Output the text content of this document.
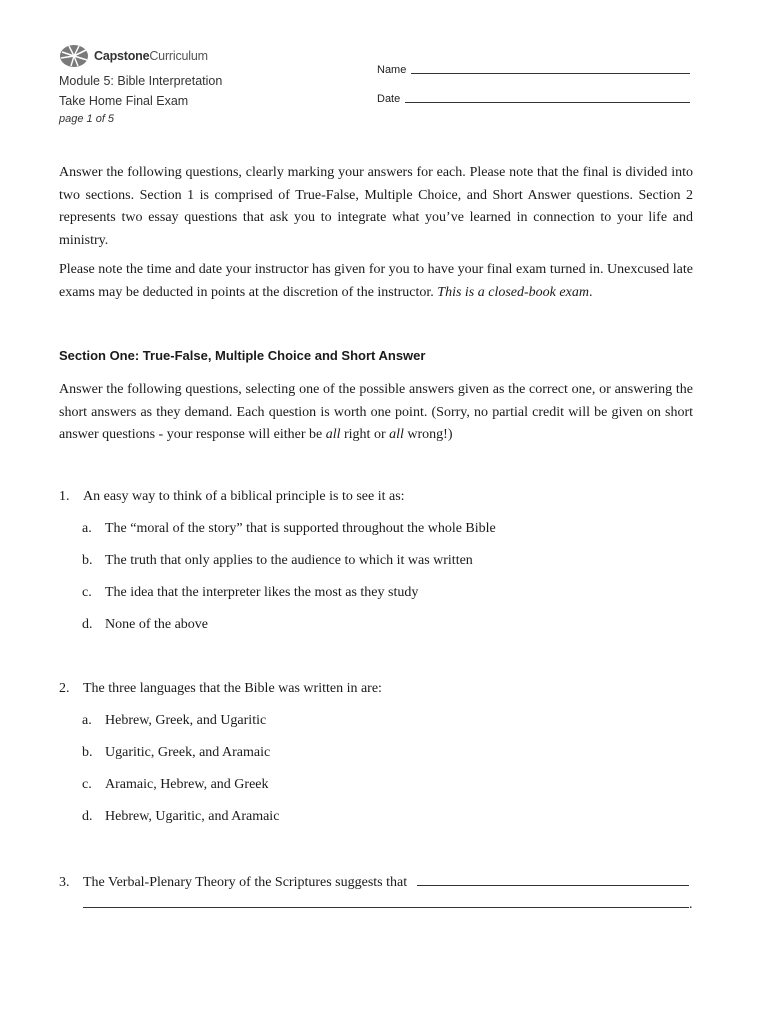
CapstoneCurriculum
Module 5: Bible Interpretation
Take Home Final Exam
page 1 of 5
Name
Date

Answer the following questions, clearly marking your answers for each. Please note that the final is divided into two sections. Section 1 is comprised of True-False, Multiple Choice, and Short Answer questions. Section 2 represents two essay questions that ask you to integrate what you’ve learned in connection to your life and ministry.

Please note the time and date your instructor has given for you to have your final exam turned in. Unexcused late exams may be deducted in points at the discretion of the instructor. This is a closed-book exam.

Section One: True-False, Multiple Choice and Short Answer

Answer the following questions, selecting one of the possible answers given as the correct one, or answering the short answers as they demand. Each question is worth one point. (Sorry, no partial credit will be given on short answer questions - your response will either be all right or all wrong!)

1. An easy way to think of a biblical principle is to see it as:
a. The “moral of the story” that is supported throughout the whole Bible
b. The truth that only applies to the audience to which it was written
c. The idea that the interpreter likes the most as they study
d. None of the above
2. The three languages that the Bible was written in are:
a. Hebrew, Greek, and Ugaritic
b. Ugaritic, Greek, and Aramaic
c. Aramaic, Hebrew, and Greek
d. Hebrew, Ugaritic, and Aramaic
3. The Verbal-Plenary Theory of the Scriptures suggests that
.
